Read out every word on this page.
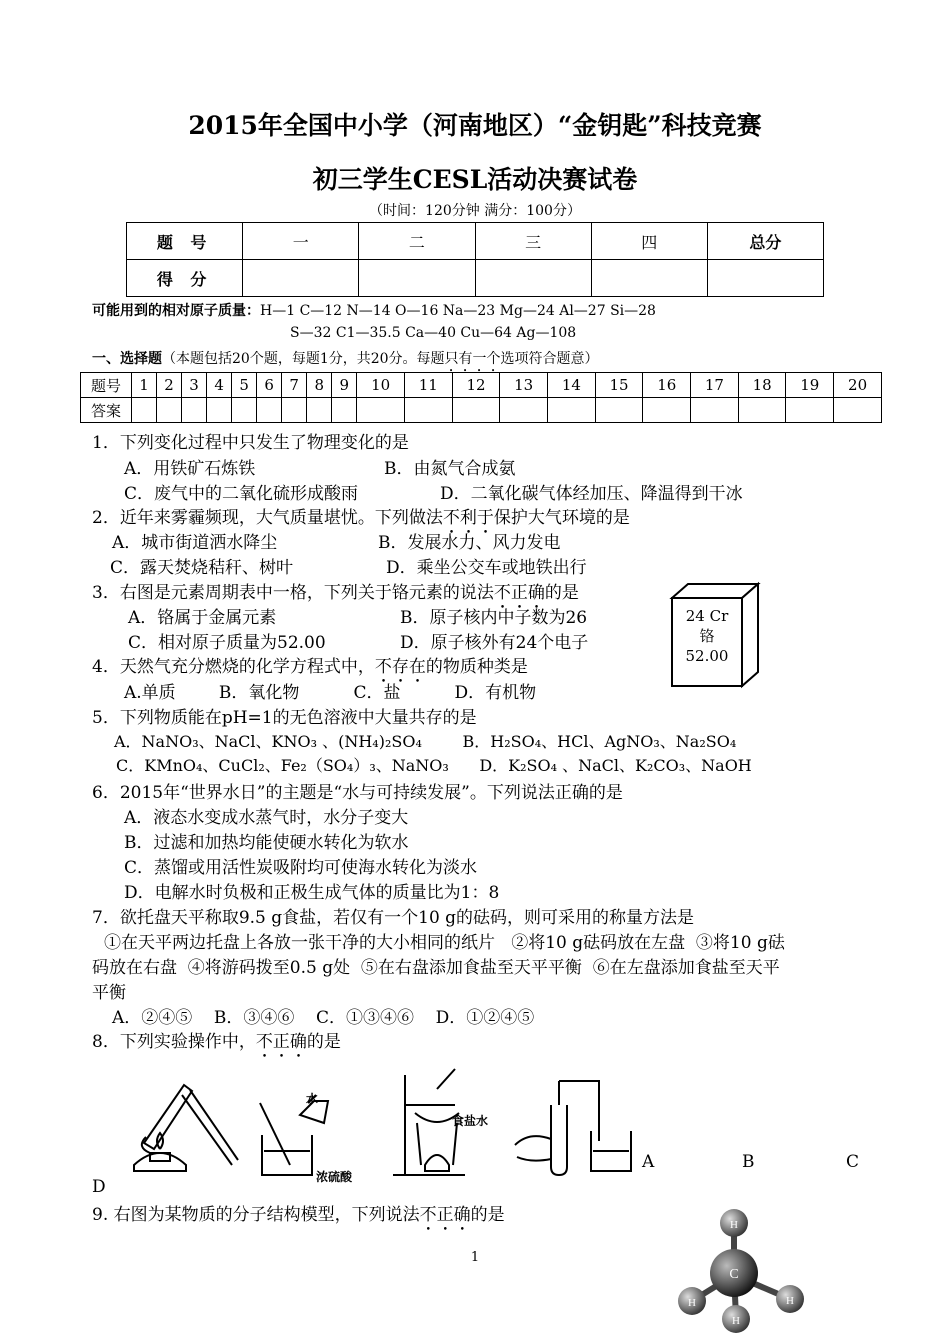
2015年全国中小学（河南地区）“金钥匙”科技竞赛
初三学生CESL活动决赛试卷
（时间：120分钟 满分：100分）
题 号	一	二	三	四	总分
得 分					
可能用到的相对原子质量：H—1 C—12 N—14 O—16 Na—23 Mg—24 Al—27 Si—28
S—32 C1—35.5 Ca—40 Cu—64 Ag—108
一、选择题（本题包括20个题，每题1分，共20分。每题只有一个选项符合题意）
题号	1	2	3	4	5	6	7	8	9	10	11	12	13	14	15	16	17	18	19	20
答案																				
1．下列变化过程中只发生了物理变化的是
A．用铁矿石炼铁	B．由氮气合成氨
C．废气中的二氧化硫形成酸雨	D．二氧化碳气体经加压、降温得到干冰
2．近年来雾霾频现，大气质量堪忧。下列做法不利于保护大气环境的是
A．城市街道洒水降尘	B．发展水力、风力发电
C．露天焚烧秸秆、树叶	D．乘坐公交车或地铁出行
3．右图是元素周期表中一格，下列关于铬元素的说法不正确的是
A．铬属于金属元素	B．原子核内中子数为26
C．相对原子质量为52.00	D．原子核外有24个电子
24 Cr
铬
52.00
4．天然气充分燃烧的化学方程式中，不存在的物质种类是
A.单质        B．氧化物          C．盐          D．有机物
5．下列物质能在pH=1的无色溶液中大量共存的是
A．NaNO₃、NaCl、KNO₃ 、(NH₄)₂SO₄        B．H₂SO₄、HCl、AgNO₃、Na₂SO₄
C．KMnO₄、CuCl₂、Fe₂（SO₄）₃、NaNO₃      D．K₂SO₄ 、NaCl、K₂CO₃、NaOH
6．2015年“世界水日”的主题是“水与可持续发展”。下列说法正确的是
A．液态水变成水蒸气时，水分子变大
B．过滤和加热均能使硬水转化为软水
C．蒸馏或用活性炭吸附均可使海水转化为淡水
D．电解水时负极和正极生成气体的质量比为1：8
7．欲托盘天平称取9.5 g食盐，若仅有一个10 g的砝码，则可采用的称量方法是
①在天平两边托盘上各放一张干净的大小相同的纸片   ②将10 g砝码放在左盘  ③将10 g砝
码放在右盘  ④将游码拨至0.5 g处  ⑤在右盘添加食盐至天平平衡  ⑥在左盘添加食盐至天平
平衡
A．②④⑤    B．③④⑥    C．①③④⑥    D．①②④⑤
8．下列实验操作中，不正确的是
水
浓硫酸
食盐水
A	B	C
D
9. 右图为某物质的分子结构模型，下列说法不正确的是
C
H
H	H
H
1
